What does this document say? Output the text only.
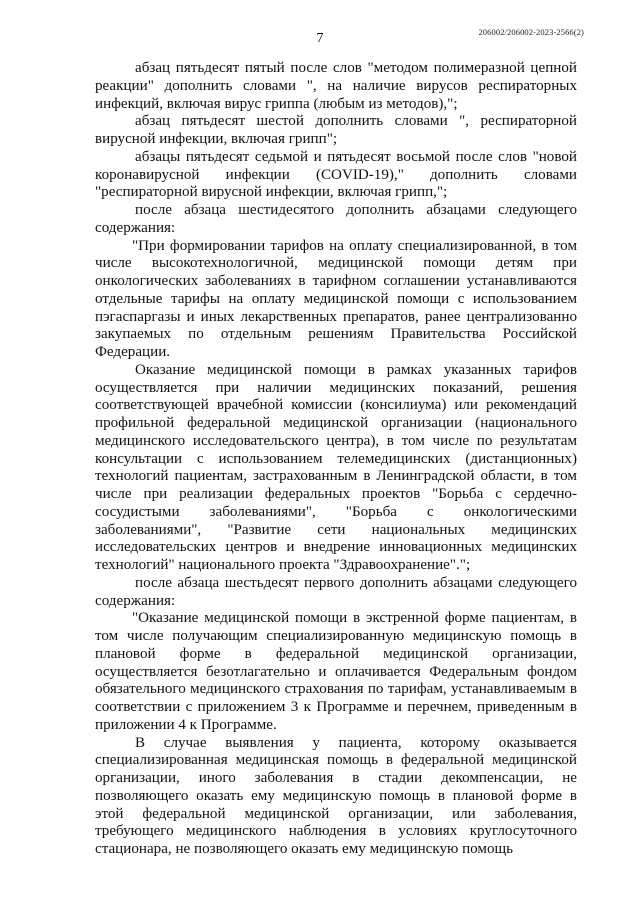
206002/206002-2023-2566(2)
7

абзац пятьдесят пятый после слов "методом полимеразной цепной реакции" дополнить словами ", на наличие вирусов респираторных инфекций, включая вирус гриппа (любым из методов),";

абзац пятьдесят шестой дополнить словами ", респираторной вирусной инфекции, включая грипп";

абзацы пятьдесят седьмой и пятьдесят восьмой после слов "новой коронавирусной инфекции (COVID-19)," дополнить словами "респираторной вирусной инфекции, включая грипп,";

после абзаца шестидесятого дополнить абзацами следующего содержания:

"При формировании тарифов на оплату специализированной, в том числе высокотехнологичной, медицинской помощи детям при онкологических заболеваниях в тарифном соглашении устанавливаются отдельные тарифы на оплату медицинской помощи с использованием пэгаспаргазы и иных лекарственных препаратов, ранее централизованно закупаемых по отдельным решениям Правительства Российской Федерации.

Оказание медицинской помощи в рамках указанных тарифов осуществляется при наличии медицинских показаний, решения соответствующей врачебной комиссии (консилиума) или рекомендаций профильной федеральной медицинской организации (национального медицинского исследовательского центра), в том числе по результатам консультации с использованием телемедицинских (дистанционных) технологий пациентам, застрахованным в Ленинградской области, в том числе при реализации федеральных проектов "Борьба с сердечно-сосудистыми заболеваниями", "Борьба с онкологическими заболеваниями", "Развитие сети национальных медицинских исследовательских центров и внедрение инновационных медицинских технологий" национального проекта "Здравоохранение".";

после абзаца шестьдесят первого дополнить абзацами следующего содержания:

"Оказание медицинской помощи в экстренной форме пациентам, в том числе получающим специализированную медицинскую помощь в плановой форме в федеральной медицинской организации, осуществляется безотлагательно и оплачивается Федеральным фондом обязательного медицинского страхования по тарифам, устанавливаемым в соответствии с приложением 3 к Программе и перечнем, приведенным в приложении 4 к Программе.

В случае выявления у пациента, которому оказывается специализированная медицинская помощь в федеральной медицинской организации, иного заболевания в стадии декомпенсации, не позволяющего оказать ему медицинскую помощь в плановой форме в этой федеральной медицинской организации, или заболевания, требующего медицинского наблюдения в условиях круглосуточного стационара, не позволяющего оказать ему медицинскую помощь
